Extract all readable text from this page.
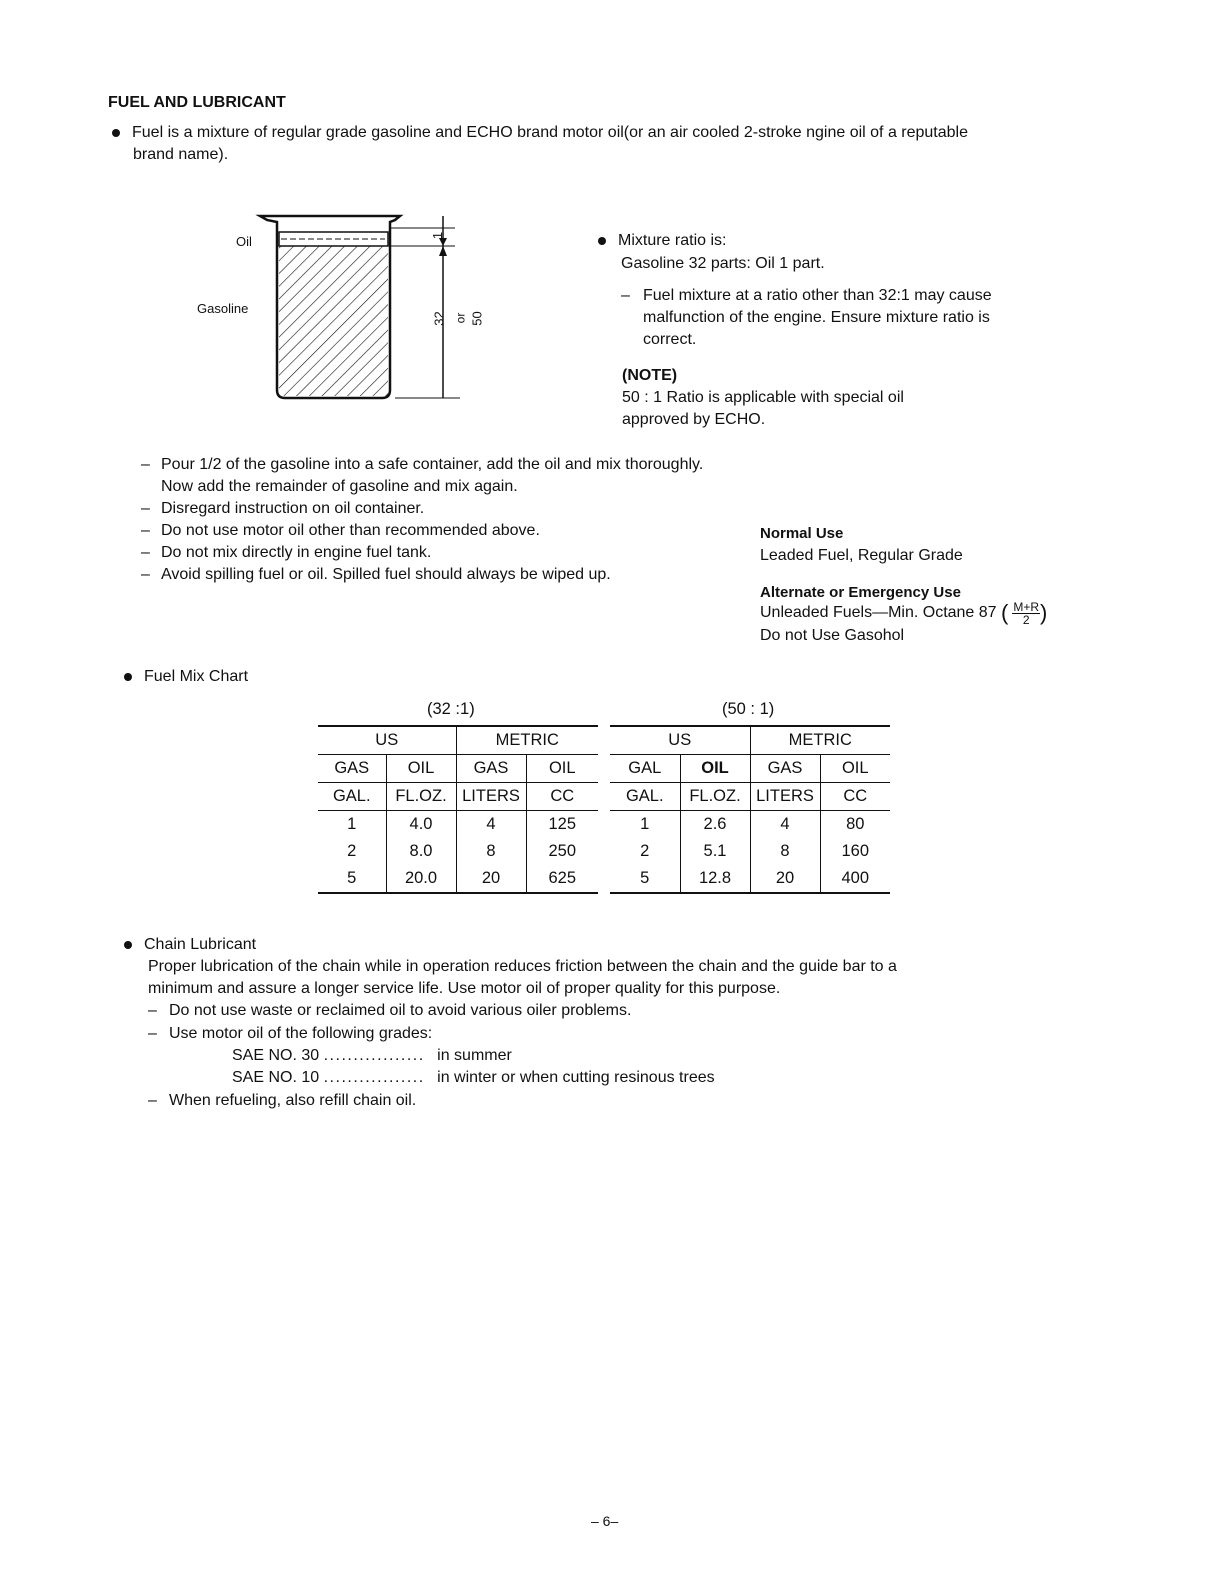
FUEL AND LUBRICANT
Fuel is a mixture of regular grade gasoline and ECHO brand motor oil(or an air cooled 2-stroke ngine oil of a reputable
brand name).
Oil
Gasoline
1
32 or 50
Mixture ratio is:
Gasoline 32 parts: Oil 1 part.
– Fuel mixture at a ratio other than 32:1 may cause
malfunction of the engine. Ensure mixture ratio is
correct.
(NOTE)
50 : 1 Ratio is applicable with special oil
approved by ECHO.
– Pour 1/2 of the gasoline into a safe container, add the oil and mix thoroughly.
Now add the remainder of gasoline and mix again.
– Disregard instruction on oil container.
– Do not use motor oil other than recommended above.
– Do not mix directly in engine fuel tank.
– Avoid spilling fuel or oil. Spilled fuel should always be wiped up.
Normal Use
Leaded Fuel, Regular Grade
Alternate or Emergency Use
Unleaded Fuels—Min. Octane 87 ( $\frac{M+R}{2}$ )
Do not Use Gasohol
Fuel Mix Chart
(32 :1)
US		METRIC	
GAS	OIL	GAS	OIL
GAL.	FL.OZ.	LITERS	CC
1	4.0	4	125
2	8.0	8	250
5	20.0	20	625
(50 : 1)
US		METRIC	
GAL	OIL	GAS	OIL
GAL.	FL.OZ.	LITERS	CC
1	2.6	4	80
2	5.1	8	160
5	12.8	20	400
Chain Lubricant
Proper lubrication of the chain while in operation reduces friction between the chain and the guide bar to a
minimum and assure a longer service life. Use motor oil of proper quality for this purpose.
– Do not use waste or reclaimed oil to avoid various oiler problems.
– Use motor oil of the following grades:
SAE NO. 30 ................. in summer
SAE NO. 10 ................. in winter or when cutting resinous trees
– When refueling, also refill chain oil.
– 6–
